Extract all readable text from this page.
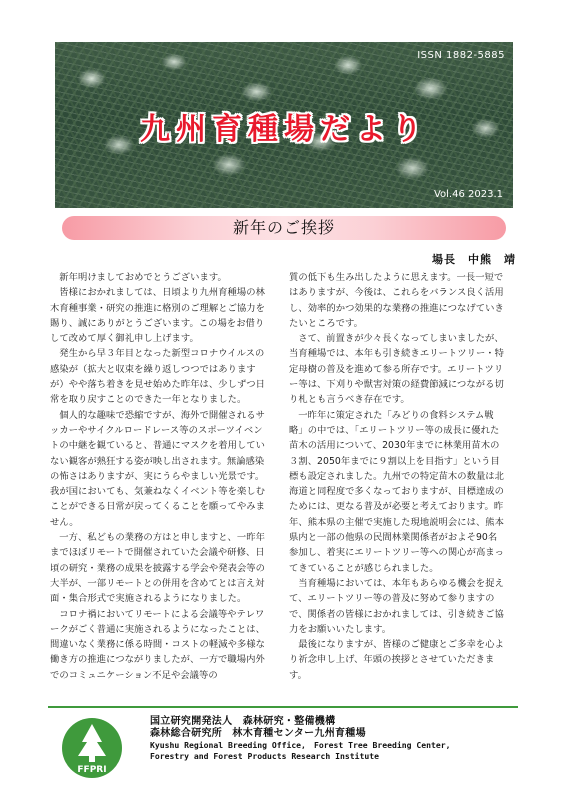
ISSN 1882-5885
九州育種場だより
Vol.46 2023.1
新年のご挨拶
場長　中熊　靖

新年明けましておめでとうございます。

皆様におかれましては、日頃より九州育種場の林木育種事業・研究の推進に格別のご理解とご協力を賜り、誠にありがとうございます。この場をお借りして改めて厚く御礼申し上げます。

発生から早３年目となった新型コロナウイルスの感染が（拡大と収束を繰り返しつつではありますが）やや落ち着きを見せ始めた昨年は、少しずつ日常を取り戻すことのできた一年となりました。

個人的な趣味で恐縮ですが、海外で開催されるサッカーやサイクルロードレース等のスポーツイベントの中継を観ていると、普通にマスクを着用していない観客が熱狂する姿が映し出されます。無論感染の怖さはありますが、実にうらやましい光景です。我が国においても、気兼ねなくイベント等を楽しむことができる日常が戻ってくることを願ってやみません。

一方、私どもの業務の方はと申しますと、一昨年までほぼリモートで開催されていた会議や研修、日頃の研究・業務の成果を披露する学会や発表会等の大半が、一部リモートとの併用を含めてとは言え対面・集合形式で実施されるようになりました。

コロナ禍においてリモートによる会議等やテレワークがごく普通に実施されるようになったことは、間違いなく業務に係る時間・コストの軽減や多様な働き方の推進につながりましたが、一方で職場内外でのコミュニケーション不足や会議等の

質の低下も生み出したように思えます。一長一短ではありますが、今後は、これらをバランス良く活用し、効率的かつ効果的な業務の推進につなげていきたいところです。

さて、前置きが少々長くなってしまいましたが、当育種場では、本年も引き続きエリートツリー・特定母樹の普及を進めて参る所存です。エリートツリー等は、下刈りや獣害対策の経費節減につながる切り札とも言うべき存在です。

一昨年に策定された「みどりの食料システム戦略」の中では、「エリートツリー等の成長に優れた苗木の活用について、2030年までに林業用苗木の３割、2050年までに９割以上を目指す」という目標も設定されました。九州での特定苗木の数量は北海道と同程度で多くなっておりますが、目標達成のためには、更なる普及が必要と考えております。昨年、熊本県の主催で実施した現地説明会には、熊本県内と一部の他県の民間林業関係者がおよそ90名参加し、着実にエリートツリー等への関心が高まってきていることが感じられました。

当育種場においては、本年もあらゆる機会を捉えて、エリートツリー等の普及に努めて参りますので、関係者の皆様におかれましては、引き続きご協力をお願いいたします。

最後になりますが、皆様のご健康とご多幸を心より祈念申し上げ、年頭の挨拶とさせていただきます。

FFPRI
国立研究開発法人　森林研究・整備機構
森林総合研究所　林木育種センター九州育種場
Kyushu Regional Breeding Office,　Forest Tree Breeding Center,
Forestry and Forest Products Research Institute
